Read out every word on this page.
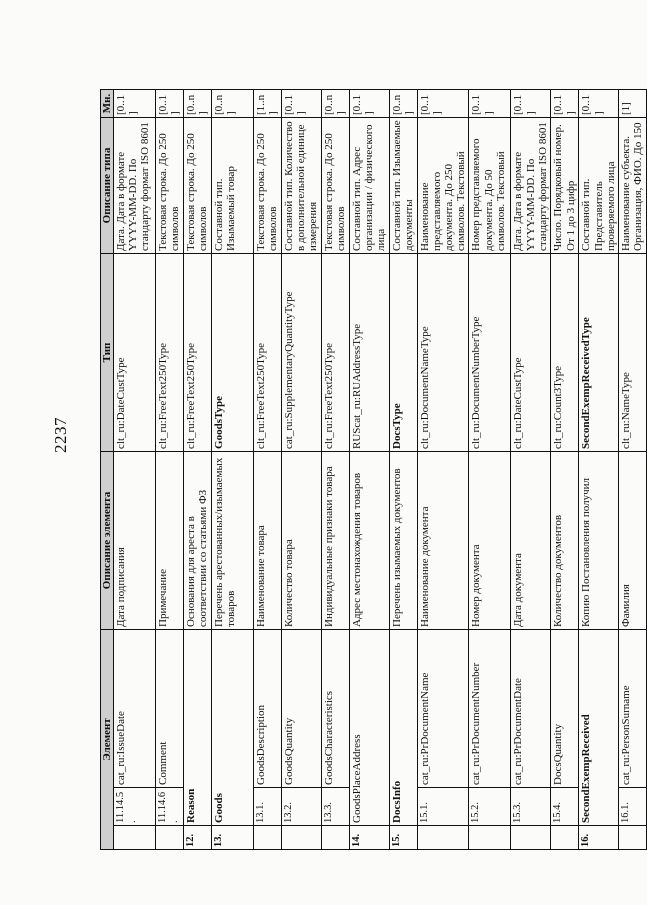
2237
Элемент			Описание элемента	Тип	Описание типа	Мн.
	11.14.5.	cat_ru:IssueDate	Дата подписания	clt_ru:DateCustType	Дата. Дата в формате YYYY-MM-DD. По стандарту формат ISO 8601	[0..1]
	11.14.6.	Comment	Примечание	clt_ru:FreeText250Type	Текстовая строка. До 250 символов	[0..1]
12.	Reason		Основания для ареста в соответствии со статьями ФЗ	clt_ru:FreeText250Type	Текстовая строка. До 250 символов	[0..n]
13.	Goods		Перечень арестованных/изымаемых товаров	GoodsType	Составной тип. Изымаемый товар	[0..n]
	13.1.	GoodsDescription	Наименование товара	clt_ru:FreeText250Type	Текстовая строка. До 250 символов	[1..n]
	13.2.	GoodsQuantity	Количество товара	cat_ru:SupplementaryQuantityType	Составной тип. Количество в дополнительной единице измерения	[0..1]
	13.3.	GoodsCharacteristics	Индивидуальные признаки товара	clt_ru:FreeText250Type	Текстовая строка. До 250 символов	[0..n]
14.	GoodsPlaceAddress		Адрес местонахождения товаров	RUScat_ru:RUAddressType	Составной тип. Адрес организации / физического лица	[0..1]
15.	DocsInfo		Перечень изымаемых документов	DocsType	Составной тип. Изымаемые документы	[0..n]
	15.1.	cat_ru:PrDocumentName	Наименование документа	clt_ru:DocumentNameType	Наименование представляемого документа. До 250 символов. Текстовый	[0..1]
	15.2.	cat_ru:PrDocumentNumber	Номер документа	clt_ru:DocumentNumberType	Номер представляемого документа. До 50 символов. Текстовый	[0..1]
	15.3.	cat_ru:PrDocumentDate	Дата документа	clt_ru:DateCustType	Дата. Дата в формате YYYY-MM-DD. По стандарту формат ISO 8601	[0..1]
	15.4.	DocsQuantity	Количество документов	clt_ru:Count3Type	Число. Порядковый номер. От 1 до 3 цифр	[0..1]
16.	SecondExempReceived		Копию Постановления получил	SecondExempReceivedType	Составной тип. Представитель проверяемого лица	[0..1]
	16.1.	cat_ru:PersonSurname	Фамилия	clt_ru:NameType	Наименование субъекта. Организация, ФИО. До 150	[1]
